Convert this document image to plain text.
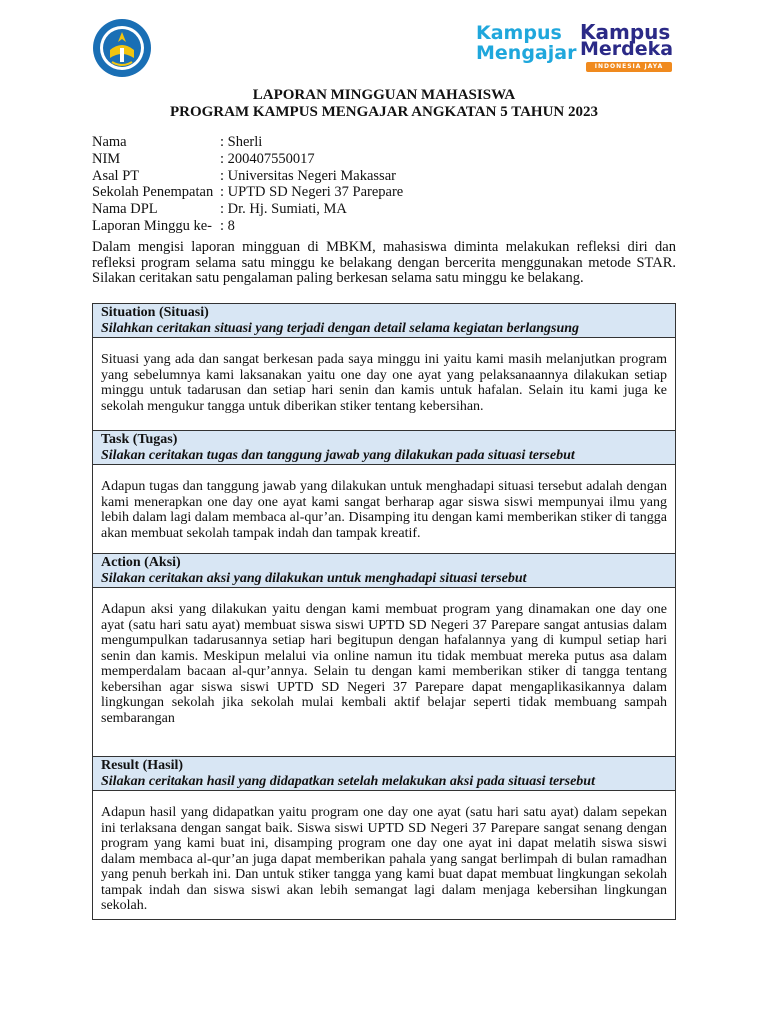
Kampus
Mengajar
Kampus
Merdeka
INDONESIA JAYA
LAPORAN MINGGUAN MAHASISWA
PROGRAM KAMPUS MENGAJAR ANGKATAN 5 TAHUN 2023
Nama	: Sherli
NIM	: 200407550017
Asal PT	: Universitas Negeri Makassar
Sekolah Penempatan : UPTD SD Negeri 37 Parepare
Nama DPL	: Dr. Hj. Sumiati, MA
Laporan Minggu ke- : 8
Dalam mengisi laporan mingguan di MBKM, mahasiswa diminta melakukan refleksi diri dan refleksi program selama satu minggu ke belakang dengan bercerita menggunakan metode STAR. Silakan ceritakan satu pengalaman paling berkesan selama satu minggu ke belakang.
Situation (Situasi)
Silahkan ceritakan situasi yang terjadi dengan detail selama kegiatan berlangsung
Situasi yang ada dan sangat berkesan pada saya minggu ini yaitu kami masih melanjutkan program yang sebelumnya kami laksanakan yaitu one day one ayat yang pelaksanaannya dilakukan setiap minggu untuk tadarusan dan setiap hari senin dan kamis untuk hafalan. Selain itu kami juga ke sekolah mengukur tangga untuk diberikan stiker tentang kebersihan.
Task (Tugas)
Silakan ceritakan tugas dan tanggung jawab yang dilakukan pada situasi tersebut
Adapun tugas dan tanggung jawab yang dilakukan untuk menghadapi situasi tersebut adalah dengan kami menerapkan one day one ayat kami sangat berharap agar siswa siswi mempunyai ilmu yang lebih dalam lagi dalam membaca al-qur’an. Disamping itu dengan kami memberikan stiker di tangga akan membuat sekolah tampak indah dan tampak kreatif.
Action (Aksi)
Silakan ceritakan aksi yang dilakukan untuk menghadapi situasi tersebut
Adapun aksi yang dilakukan yaitu dengan kami membuat program yang dinamakan one day one ayat (satu hari satu ayat) membuat siswa siswi UPTD SD Negeri 37 Parepare sangat antusias dalam mengumpulkan tadarusannya setiap hari begitupun dengan hafalannya yang di kumpul setiap hari senin dan kamis. Meskipun melalui via online namun itu tidak membuat mereka putus asa dalam memperdalam bacaan al-qur’annya. Selain tu dengan kami memberikan stiker di tangga tentang kebersihan agar siswa siswi UPTD SD Negeri 37 Parepare dapat mengaplikasikannya dalam lingkungan sekolah jika sekolah mulai kembali aktif belajar seperti tidak membuang sampah sembarangan
Result (Hasil)
Silakan ceritakan hasil yang didapatkan setelah melakukan aksi pada situasi tersebut
Adapun hasil yang didapatkan yaitu program one day one ayat (satu hari satu ayat) dalam sepekan ini terlaksana dengan sangat baik. Siswa siswi UPTD SD Negeri 37 Parepare sangat senang dengan program yang kami buat ini, disamping program one day one ayat ini dapat melatih siswa siswi dalam membaca al-qur’an juga dapat memberikan pahala yang sangat berlimpah di bulan ramadhan yang penuh berkah ini. Dan untuk stiker tangga yang kami buat dapat membuat lingkungan sekolah tampak indah dan siswa siswi akan lebih semangat lagi dalam menjaga kebersihan lingkungan sekolah.
